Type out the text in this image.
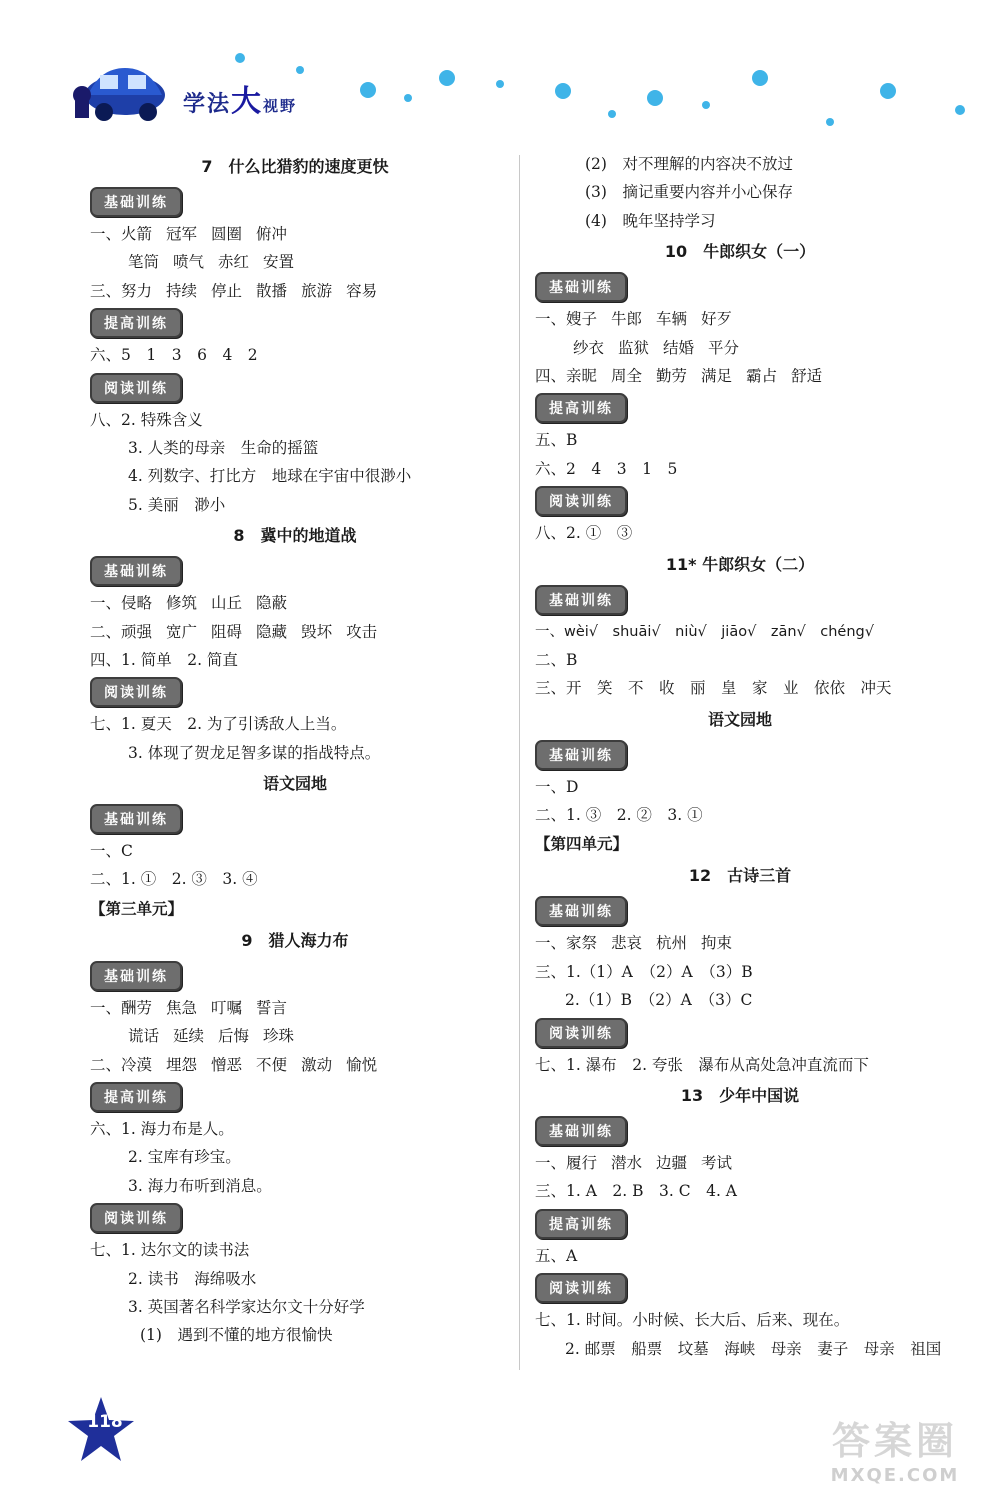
学法大视野
7　什么比猎豹的速度更快
基础训练
一、火箭 冠军 圆圈 俯冲
笔筒 喷气 赤红 安置
三、努力 持续 停止 散播 旅游 容易
提高训练
六、5　1　3　6　4　2
阅读训练
八、2. 特殊含义
3. 人类的母亲　生命的摇篮
4. 列数字、打比方　地球在宇宙中很渺小
5. 美丽　渺小
8　冀中的地道战
基础训练
一、侵略 修筑 山丘 隐蔽
二、顽强 宽广 阻碍 隐藏 毁坏 攻击
四、1. 简单　2. 简直
阅读训练
七、1. 夏天　2. 为了引诱敌人上当。
3. 体现了贺龙足智多谋的指战特点。
语文园地
基础训练
一、C
二、1. ①　2. ③　3. ④
【第三单元】
9　猎人海力布
基础训练
一、酬劳 焦急 叮嘱 誓言
谎话 延续 后悔 珍珠
二、冷漠 埋怨 憎恶 不便 激动 愉悦
提高训练
六、1. 海力布是人。
2. 宝库有珍宝。
3. 海力布听到消息。
阅读训练
七、1. 达尔文的读书法
2. 读书　海绵吸水
3. 英国著名科学家达尔文十分好学
(1)　遇到不懂的地方很愉快
(2)　对不理解的内容决不放过
(3)　摘记重要内容并小心保存
(4)　晚年坚持学习
10　牛郎织女（一）
基础训练
一、嫂子 牛郎 车辆 好歹
纱衣 监狱 结婚 平分
四、亲昵 周全 勤劳 满足 霸占 舒适
提高训练
五、B
六、2　4　3　1　5
阅读训练
八、2. ①　③
11* 牛郎织女（二）
基础训练
一、wèi√　shuāi√　niù√　jiāo√　zān√　chéng√
二、B
三、开　笑　不　收　丽　皇　家　业　依依　冲天
语文园地
基础训练
一、D
二、1. ③　2. ②　3. ①
【第四单元】
12　古诗三首
基础训练
一、家祭 悲哀 杭州 拘束
三、1.（1）A　（2）A　（3）B
2.（1）B　（2）A　（3）C
阅读训练
七、1. 瀑布　2. 夸张　瀑布从高处急冲直流而下
13　少年中国说
基础训练
一、履行 潜水 边疆 考试
三、1. A　2. B　3. C　4. A
提高训练
五、A
阅读训练
七、1. 时间。小时候、长大后、后来、现在。
2. 邮票　船票　坟墓　海峡　母亲　妻子　母亲　祖国
118	答案圈
MXQE.COM
